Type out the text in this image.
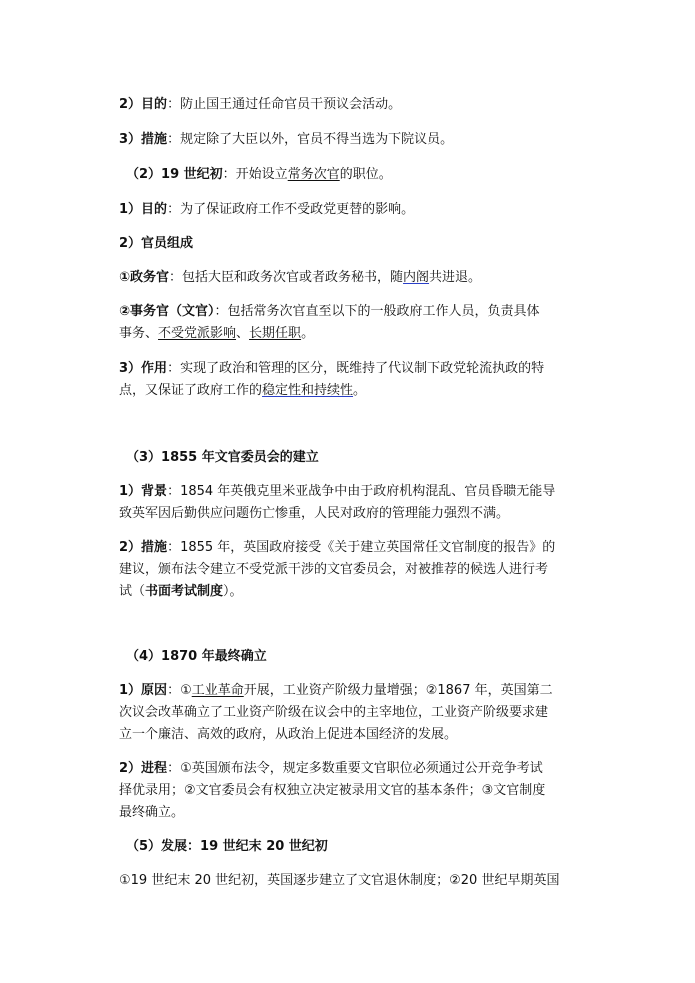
2）目的：防止国王通过任命官员干预议会活动。
3）措施：规定除了大臣以外，官员不得当选为下院议员。
（2）19 世纪初：开始设立常务次官的职位。
1）目的：为了保证政府工作不受政党更替的影响。
2）官员组成
①政务官：包括大臣和政务次官或者政务秘书，随内阁共进退。
②事务官（文官）：包括常务次官直至以下的一般政府工作人员，负责具体
事务、不受党派影响、长期任职。
3）作用：实现了政治和管理的区分，既维持了代议制下政党轮流执政的特
点，又保证了政府工作的稳定性和持续性。
（3）1855 年文官委员会的建立
1）背景：1854 年英俄克里米亚战争中由于政府机构混乱、官员昏聩无能导
致英军因后勤供应问题伤亡惨重，人民对政府的管理能力强烈不满。
2）措施：1855 年，英国政府接受《关于建立英国常任文官制度的报告》的
建议，颁布法令建立不受党派干涉的文官委员会，对被推荐的候选人进行考
试（书面考试制度）。
（4）1870 年最终确立
1）原因：①工业革命开展，工业资产阶级力量增强；②1867 年，英国第二
次议会改革确立了工业资产阶级在议会中的主宰地位，工业资产阶级要求建
立一个廉洁、高效的政府，从政治上促进本国经济的发展。
2）进程：①英国颁布法令，规定多数重要文官职位必须通过公开竞争考试
择优录用；②文官委员会有权独立决定被录用文官的基本条件；③文官制度
最终确立。
（5）发展：19 世纪末 20 世纪初
①19 世纪末 20 世纪初，英国逐步建立了文官退休制度；②20 世纪早期英国
